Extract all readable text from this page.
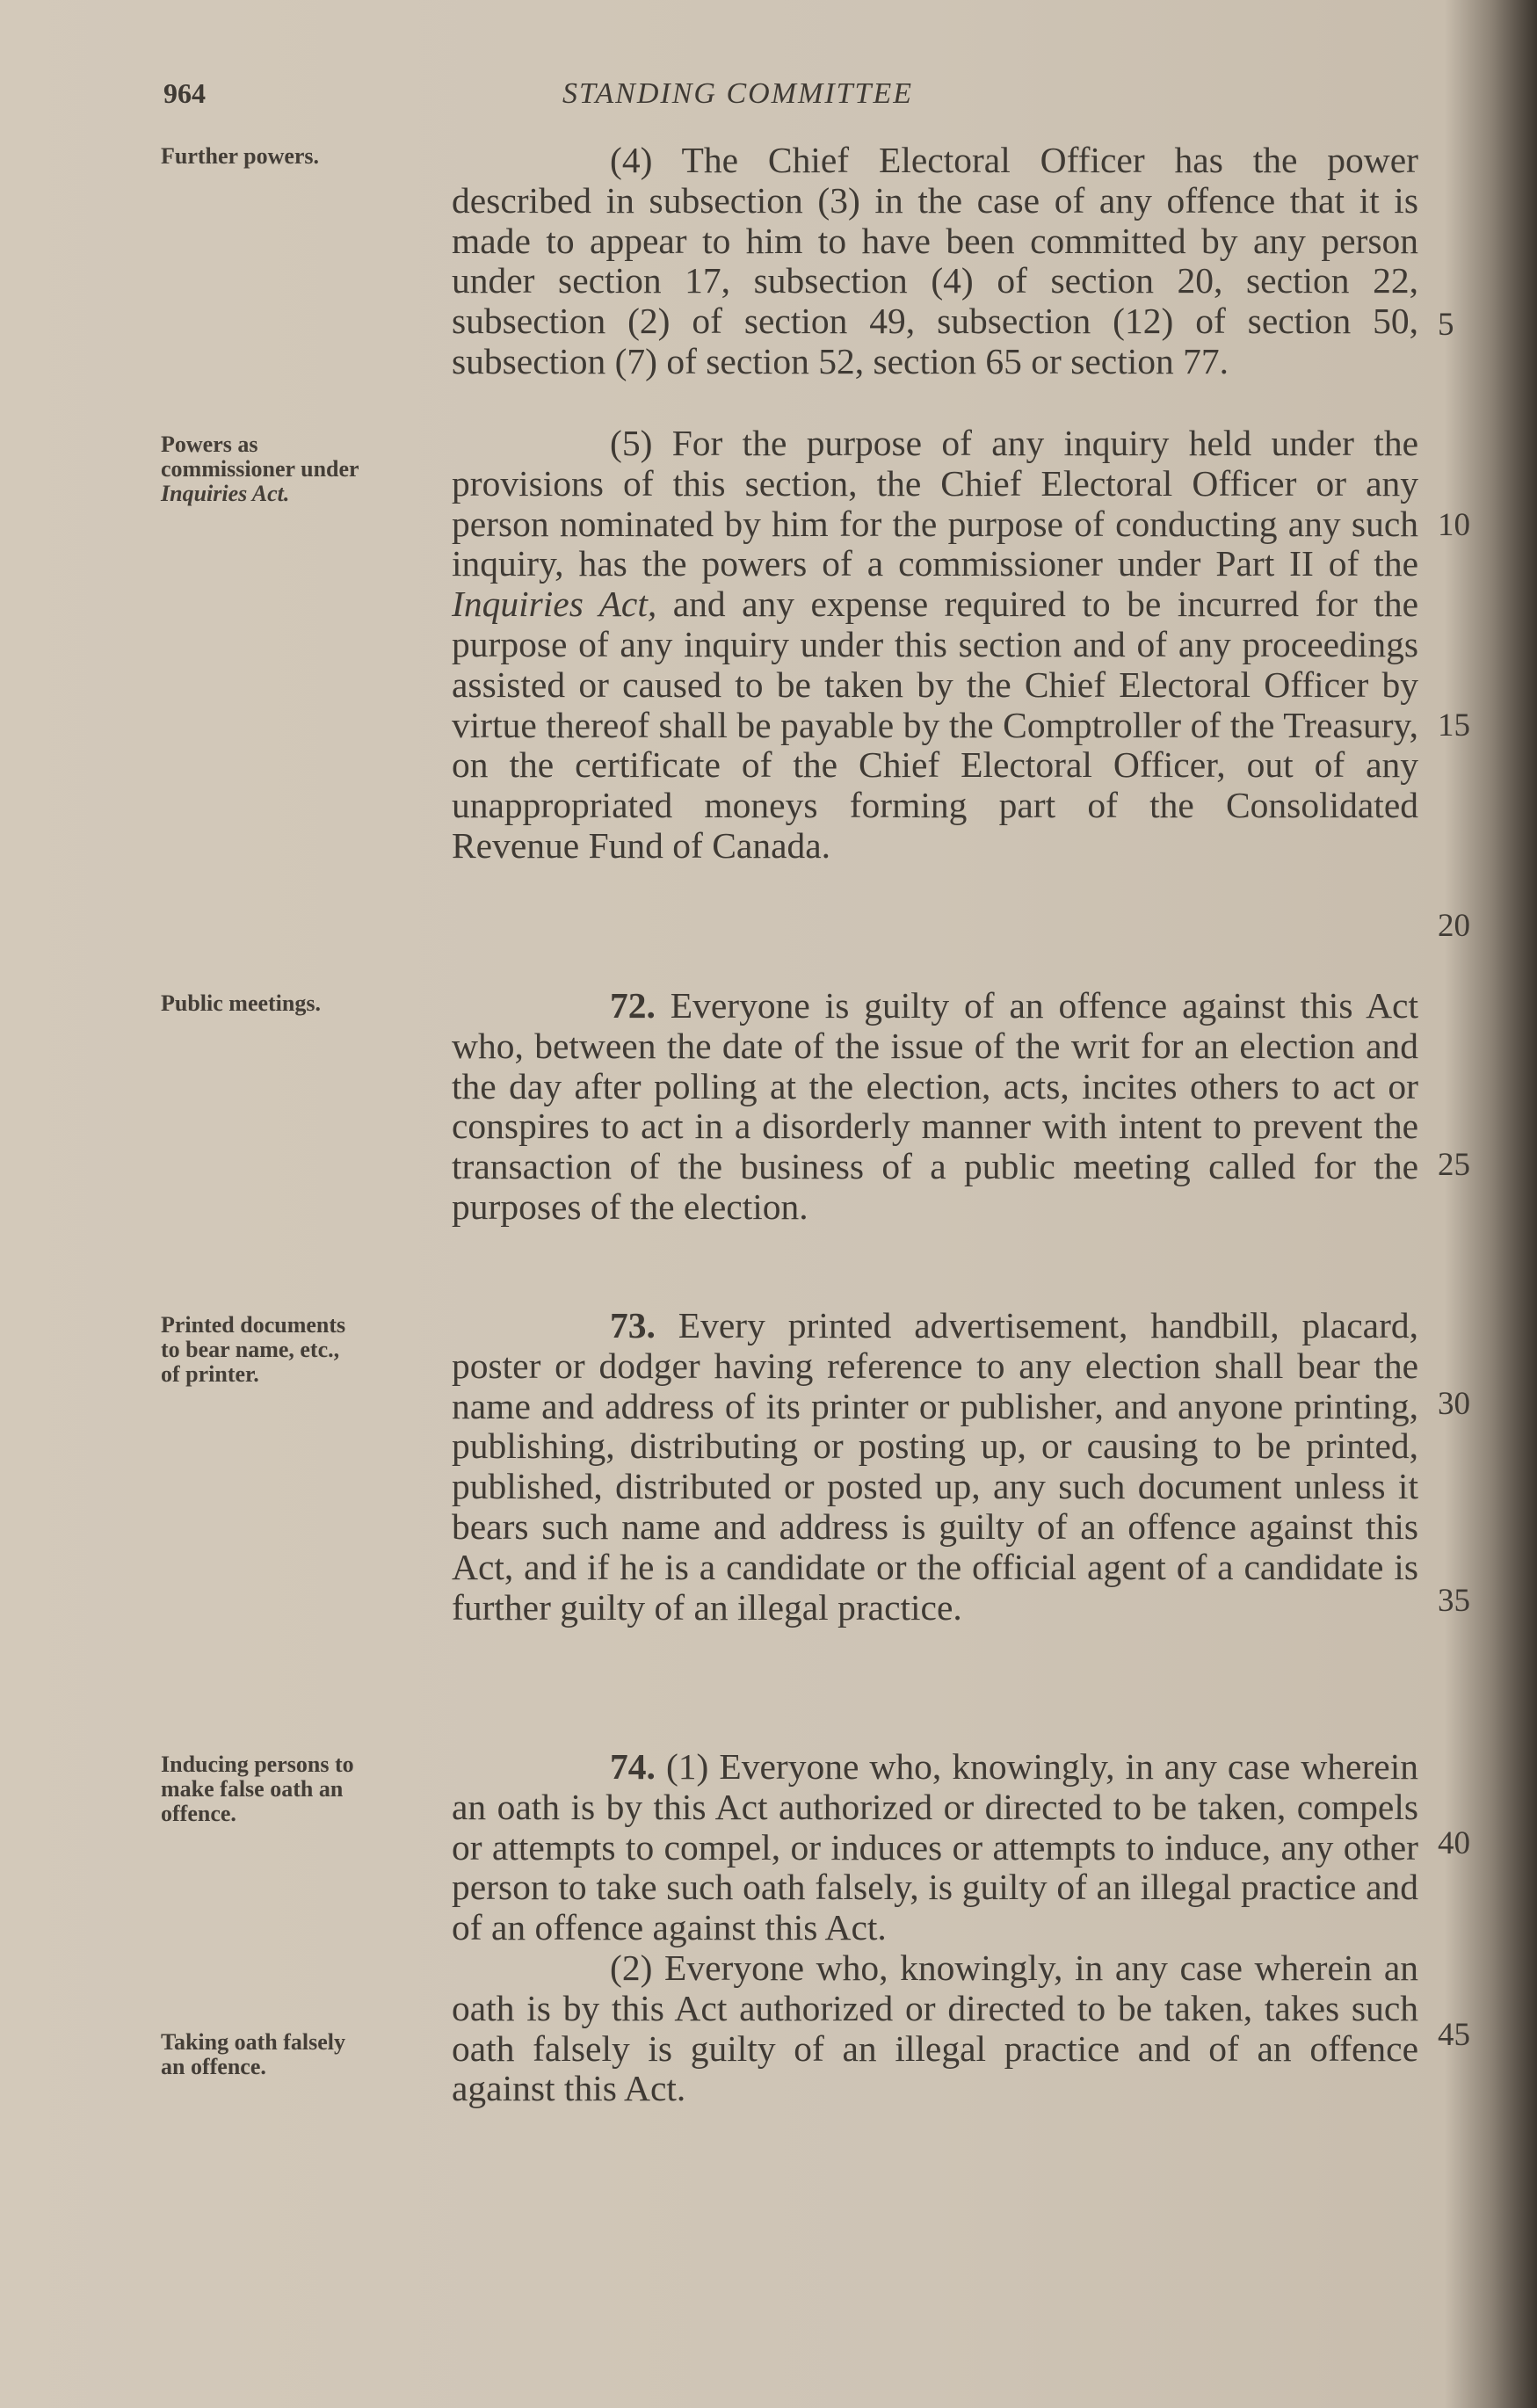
964	STANDING COMMITTEE
Further powers.
Powers as commissioner under Inquiries Act.
Public meetings.
Printed documents to bear name, etc., of printer.
Inducing persons to make false oath an offence.
Taking oath falsely an offence.

(4) The Chief Electoral Officer has the power described in subsection (3) in the case of any offence that it is made to appear to him to have been committed by any person under section 17, subsection (4) of section 20, section 22, subsection (2) of section 49, subsection (12) of section 50, subsection (7) of section 52, section 65 or section 77.

(5) For the purpose of any inquiry held under the provisions of this section, the Chief Electoral Officer or any person nominated by him for the purpose of conducting any such inquiry, has the powers of a commissioner under Part II of the Inquiries Act, and any expense required to be incurred for the purpose of any inquiry under this section and of any proceedings assisted or caused to be taken by the Chief Electoral Officer by virtue thereof shall be payable by the Comptroller of the Treasury, on the certificate of the Chief Electoral Officer, out of any unappropriated moneys forming part of the Consolidated Revenue Fund of Canada.

72. Everyone is guilty of an offence against this Act who, between the date of the issue of the writ for an election and the day after polling at the election, acts, incites others to act or conspires to act in a disorderly manner with intent to prevent the transaction of the business of a public meeting called for the purposes of the election.

73. Every printed advertisement, handbill, placard, poster or dodger having reference to any election shall bear the name and address of its printer or publisher, and anyone printing, publishing, distributing or posting up, or causing to be printed, published, distributed or posted up, any such document unless it bears such name and address is guilty of an offence against this Act, and if he is a candidate or the official agent of a candidate is further guilty of an illegal practice.

74. (1) Everyone who, knowingly, in any case wherein an oath is by this Act authorized or directed to be taken, compels or attempts to compel, or induces or attempts to induce, any other person to take such oath falsely, is guilty of an illegal practice and of an offence against this Act.

(2) Everyone who, knowingly, in any case wherein an oath is by this Act authorized or directed to be taken, takes such oath falsely is guilty of an illegal practice and of an offence against this Act.

5
10
15
20
25
30
35
40
45
